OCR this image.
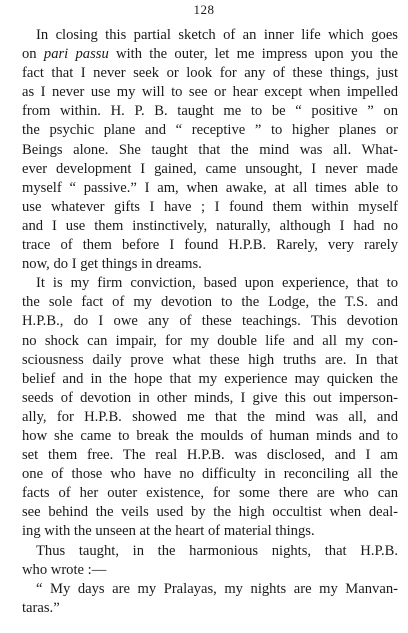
128
In closing this partial sketch of an inner life which goes
on pari passu with the outer, let me impress upon you the
fact that I never seek or look for any of these things, just
as I never use my will to see or hear except when impelled
from within. H. P. B. taught me to be “ positive ” on
the psychic plane and “ receptive ” to higher planes or
Beings alone. She taught that the mind was all. What-
ever development I gained, came unsought, I never made
myself “ passive.” I am, when awake, at all times able to
use whatever gifts I have ; I found them within myself
and I use them instinctively, naturally, although I had no
trace of them before I found H.P.B. Rarely, very rarely
now, do I get things in dreams.
It is my firm conviction, based upon experience, that to
the sole fact of my devotion to the Lodge, the T.S. and
H.P.B., do I owe any of these teachings. This devotion
no shock can impair, for my double life and all my con-
sciousness daily prove what these high truths are. In that
belief and in the hope that my experience may quicken the
seeds of devotion in other minds, I give this out imperson-
ally, for H.P.B. showed me that the mind was all, and
how she came to break the moulds of human minds and to
set them free. The real H.P.B. was disclosed, and I am
one of those who have no difficulty in reconciling all the
facts of her outer existence, for some there are who can
see behind the veils used by the high occultist when deal-
ing with the unseen at the heart of material things.
Thus taught, in the harmonious nights, that H.P.B.
who wrote :—
“ My days are my Pralayas, my nights are my Manvan-
taras.”
